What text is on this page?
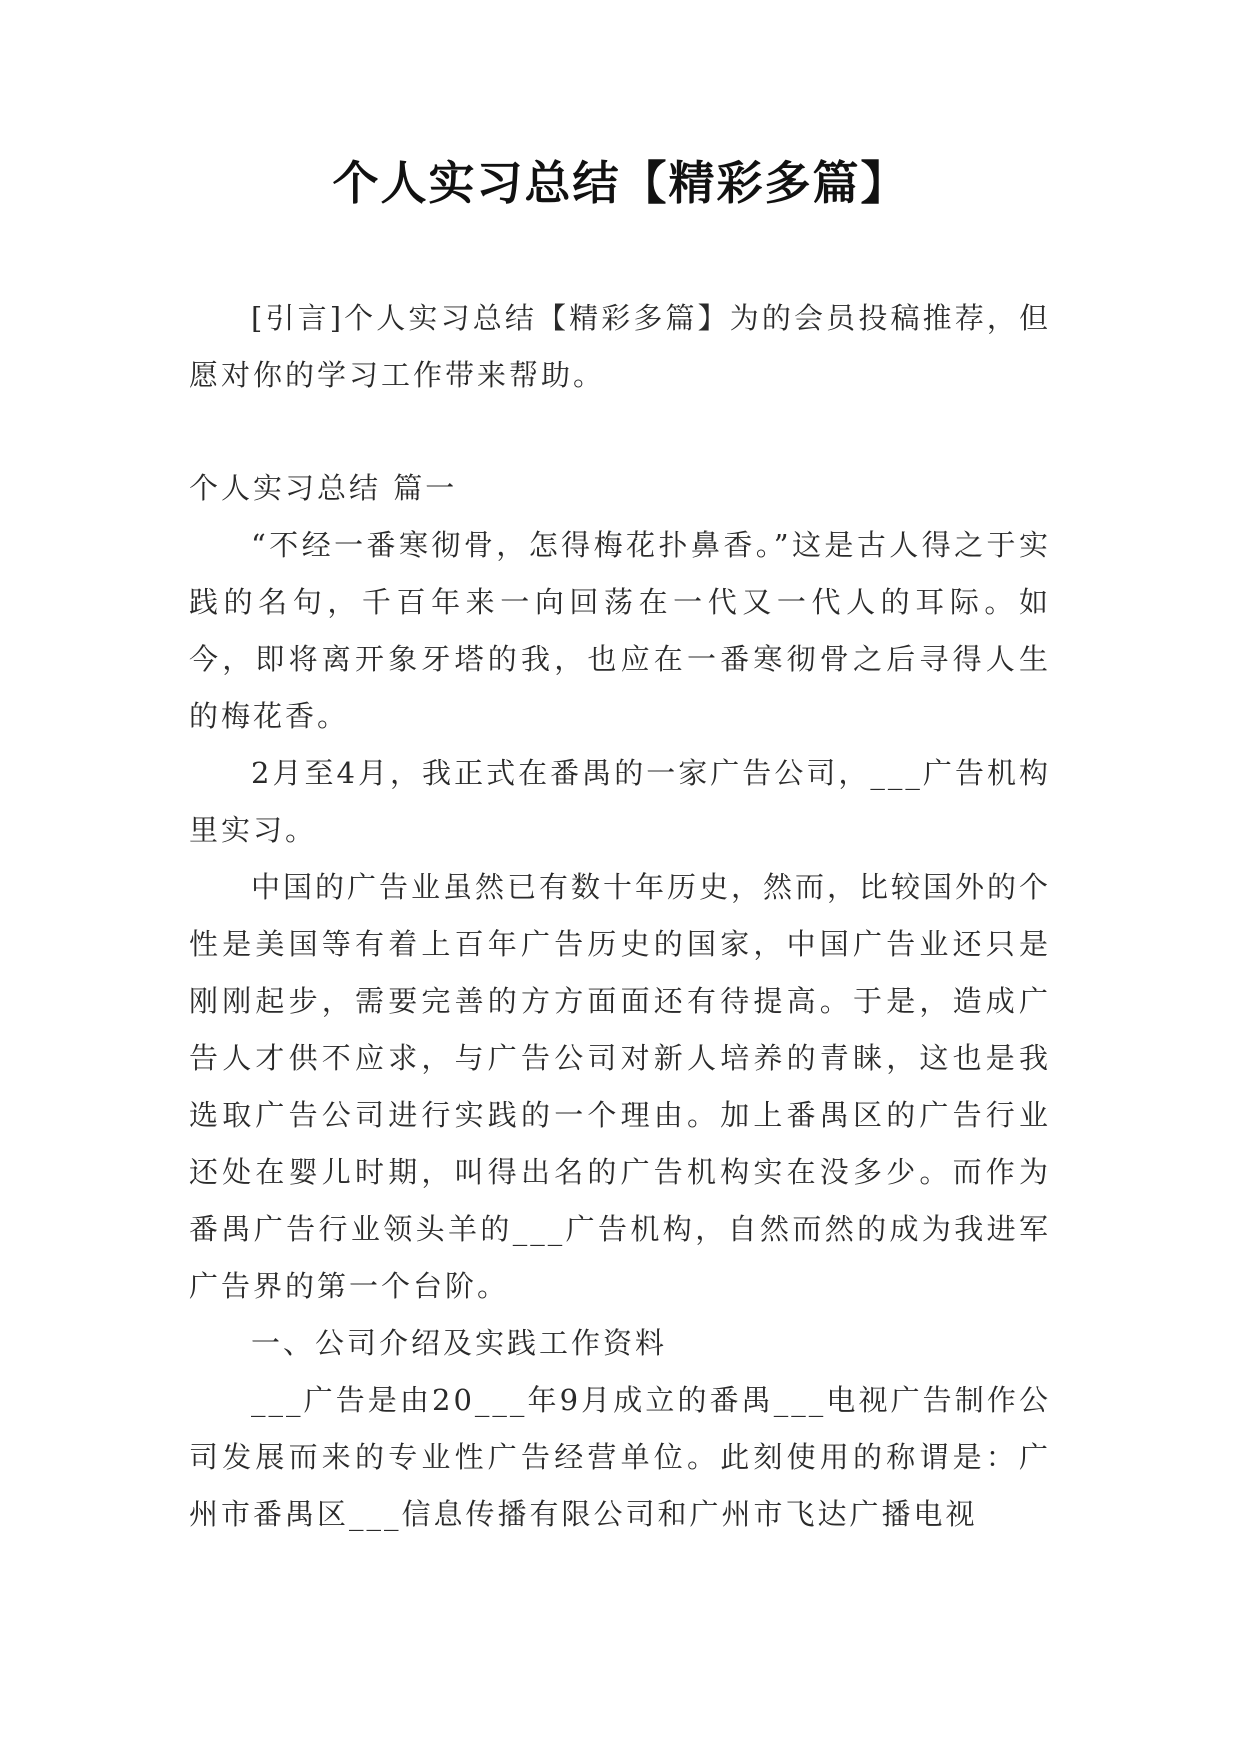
个人实习总结【精彩多篇】

[引言]个人实习总结【精彩多篇】为的会员投稿推荐，但愿对你的学习工作带来帮助。

个人实习总结 篇一

“不经一番寒彻骨，怎得梅花扑鼻香。”这是古人得之于实践的名句，千百年来一向回荡在一代又一代人的耳际。如今，即将离开象牙塔的我，也应在一番寒彻骨之后寻得人生的梅花香。

2月至4月，我正式在番禺的一家广告公司，___广告机构里实习。

中国的广告业虽然已有数十年历史，然而，比较国外的个性是美国等有着上百年广告历史的国家，中国广告业还只是刚刚起步，需要完善的方方面面还有待提高。于是，造成广告人才供不应求，与广告公司对新人培养的青睐，这也是我选取广告公司进行实践的一个理由。加上番禺区的广告行业还处在婴儿时期，叫得出名的广告机构实在没多少。而作为番禺广告行业领头羊的___广告机构，自然而然的成为我进军广告界的第一个台阶。

一、公司介绍及实践工作资料

___广告是由20___年9月成立的番禺___电视广告制作公司发展而来的专业性广告经营单位。此刻使用的称谓是：广州市番禺区___信息传播有限公司和广州市飞达广播电视
